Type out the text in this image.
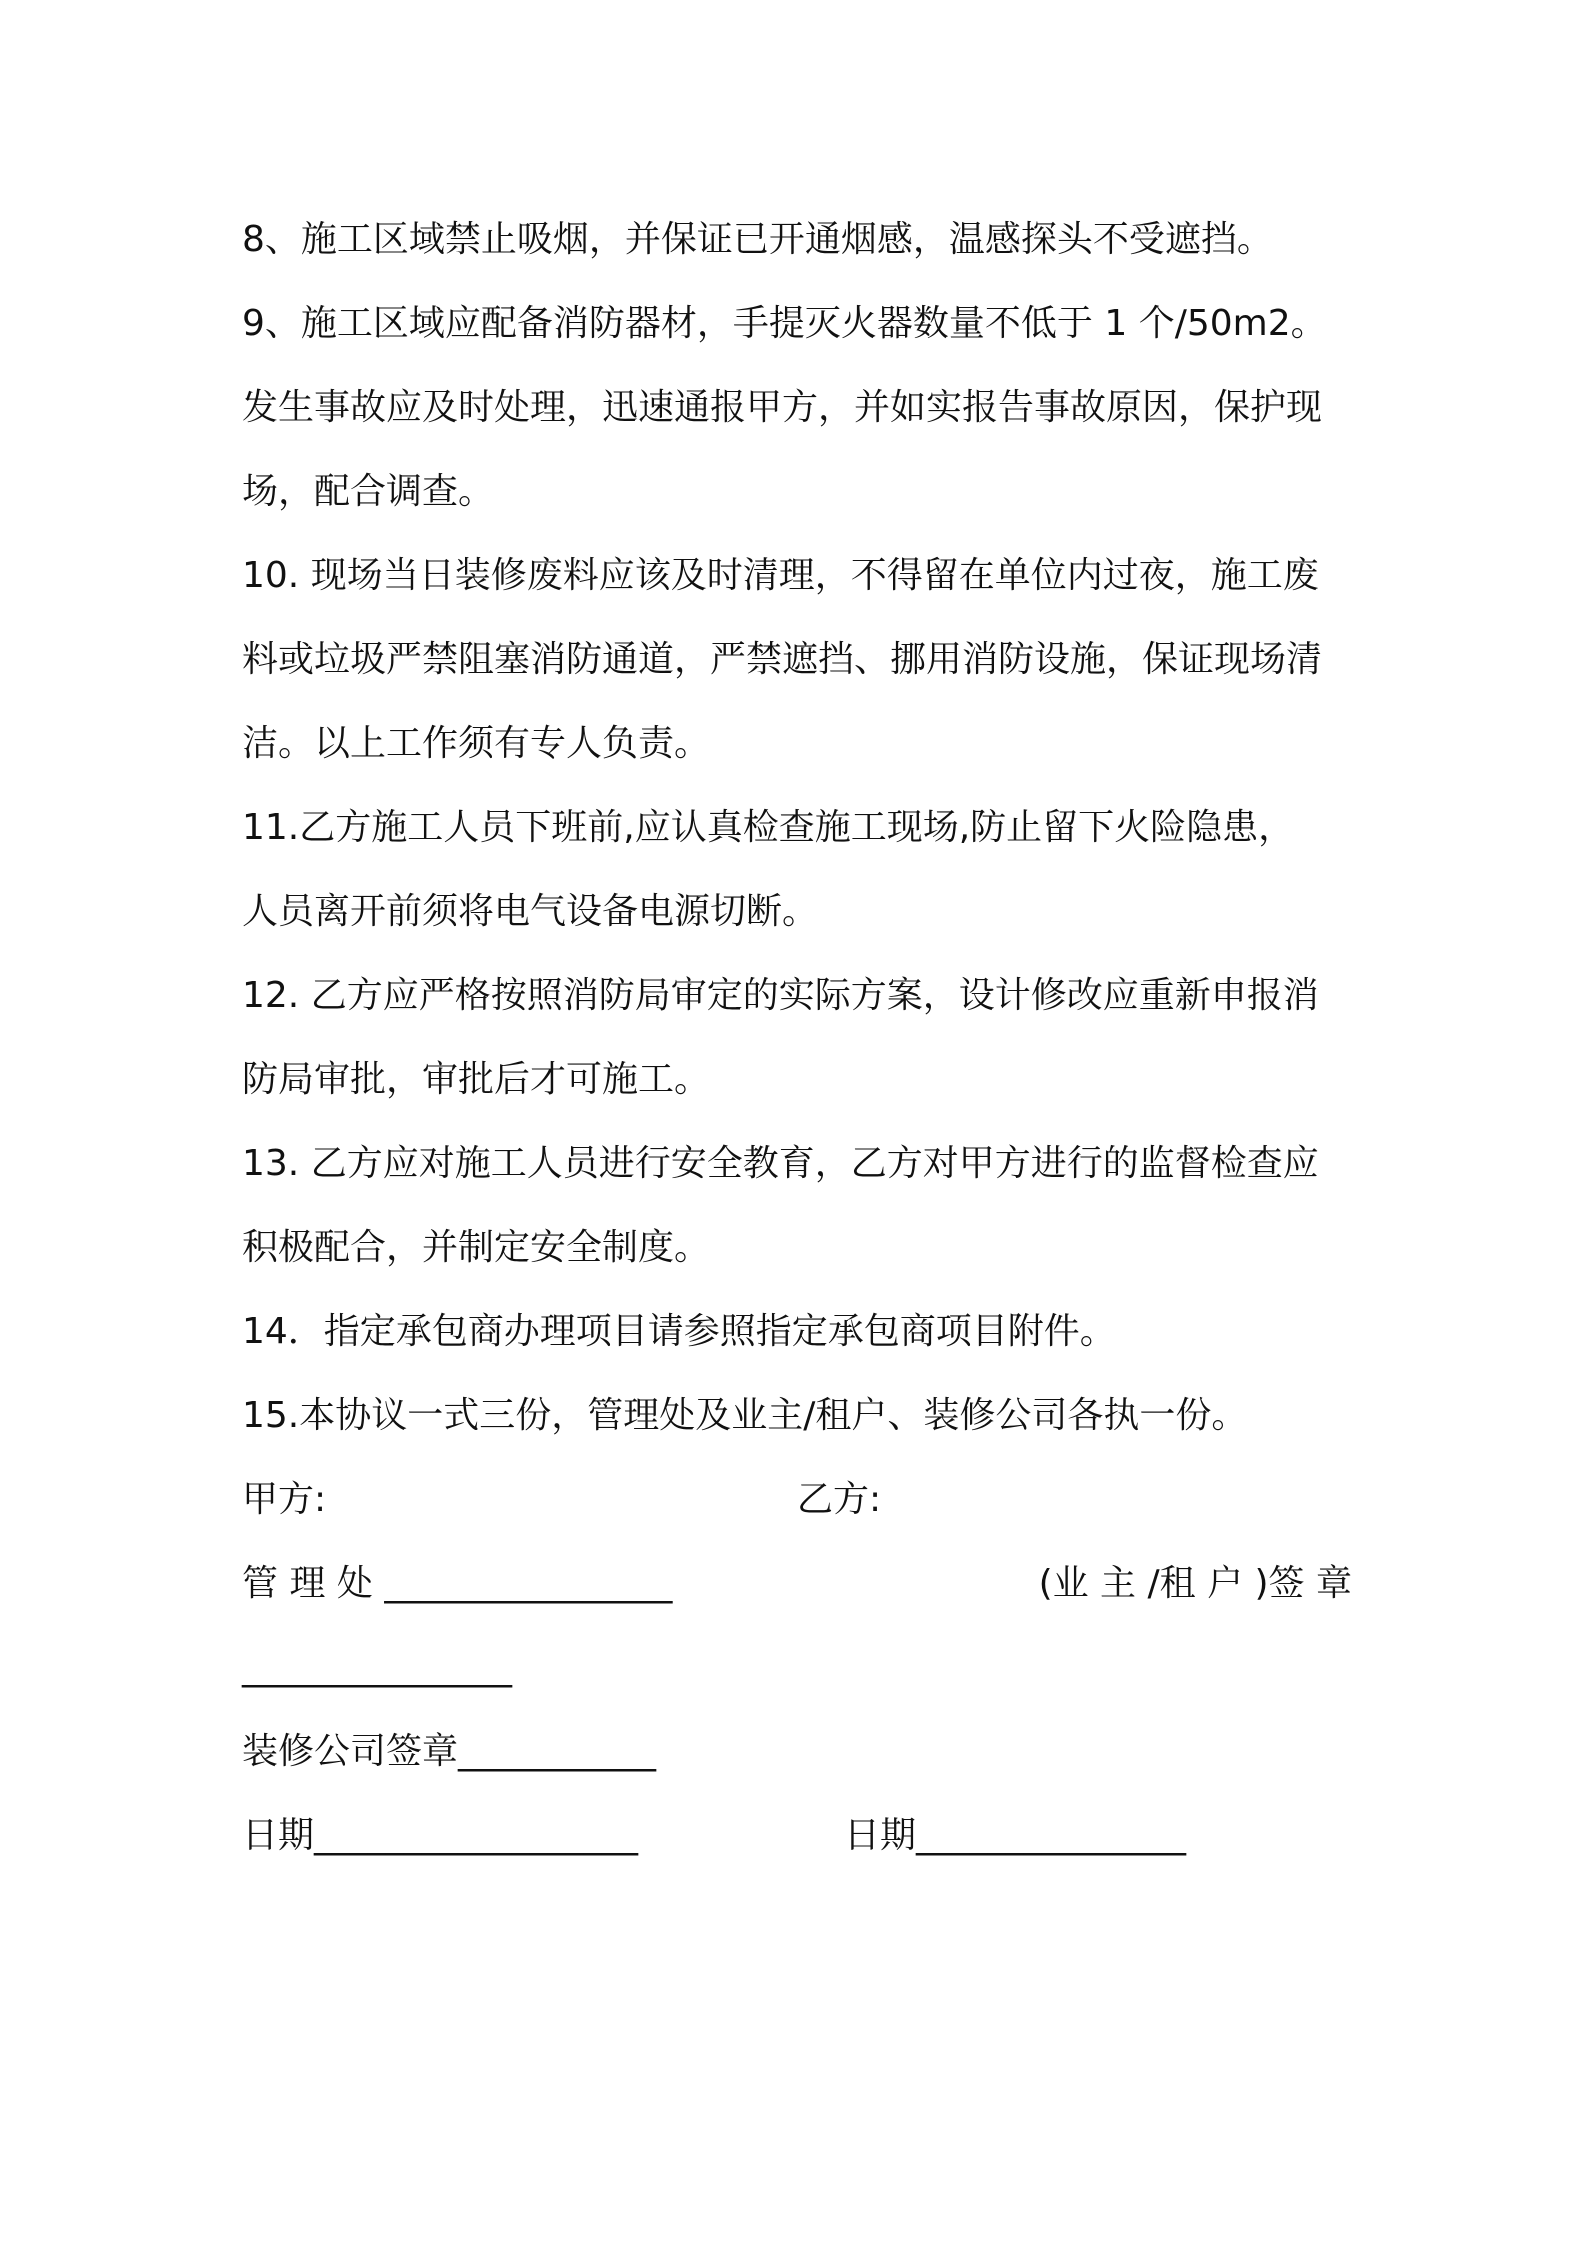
8、施工区域禁止吸烟，并保证已开通烟感，温感探头不受遮挡。
9、施工区域应配备消防器材，手提灭火器数量不低于 1 个/50m2。
发生事故应及时处理，迅速通报甲方，并如实报告事故原因，保护现
场，配合调查。
10. 现场当日装修废料应该及时清理，不得留在单位内过夜，施工废
料或垃圾严禁阻塞消防通道，严禁遮挡、挪用消防设施，保证现场清
洁。以上工作须有专人负责。
11.乙方施工人员下班前,应认真检查施工现场,防止留下火险隐患，
人员离开前须将电气设备电源切断。
12. 乙方应严格按照消防局审定的实际方案，设计修改应重新申报消
防局审批，审批后才可施工。
13. 乙方应对施工人员进行安全教育，乙方对甲方进行的监督检查应
积极配合，并制定安全制度。
14．指定承包商办理项目请参照指定承包商项目附件。
15.本协议一式三份，管理处及业主/租户、装修公司各执一份。
甲方:	乙方:
管 理 处 ________________	(业 主 /租 户 )签 章
_______________
装修公司签章___________
日期__________________	日期_______________
